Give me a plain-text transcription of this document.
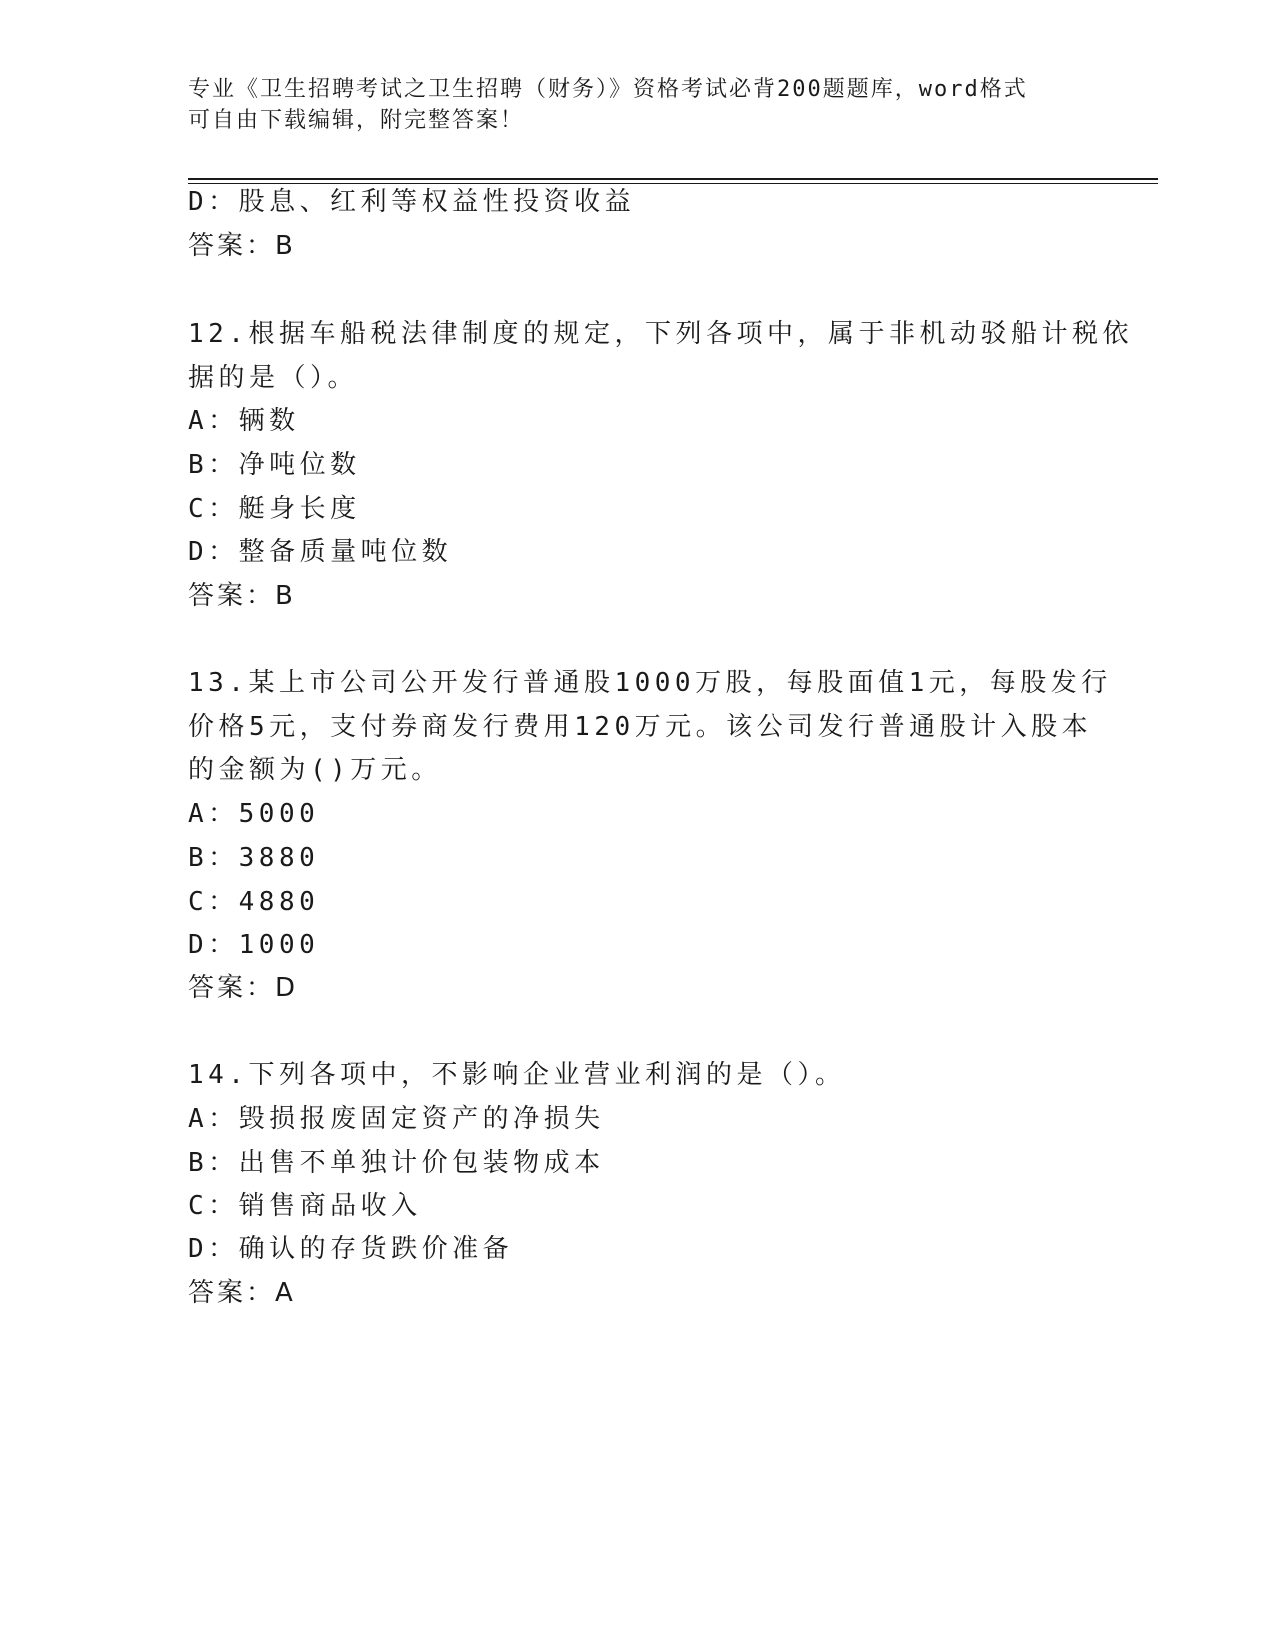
专业《卫生招聘考试之卫生招聘（财务）》资格考试必背200题题库，word格式
可自由下载编辑，附完整答案！
D：股息、红利等权益性投资收益
答案：B
12.根据车船税法律制度的规定，下列各项中，属于非机动驳船计税依
据的是（）。
A：辆数
B：净吨位数
C：艇身长度
D：整备质量吨位数
答案：B
13.某上市公司公开发行普通股1000万股，每股面值1元，每股发行
价格5元，支付券商发行费用120万元。该公司发行普通股计入股本
的金额为()万元。
A：5000
B：3880
C：4880
D：1000
答案：D
14.下列各项中，不影响企业营业利润的是（）。
A：毁损报废固定资产的净损失
B：出售不单独计价包装物成本
C：销售商品收入
D：确认的存货跌价准备
答案：A
